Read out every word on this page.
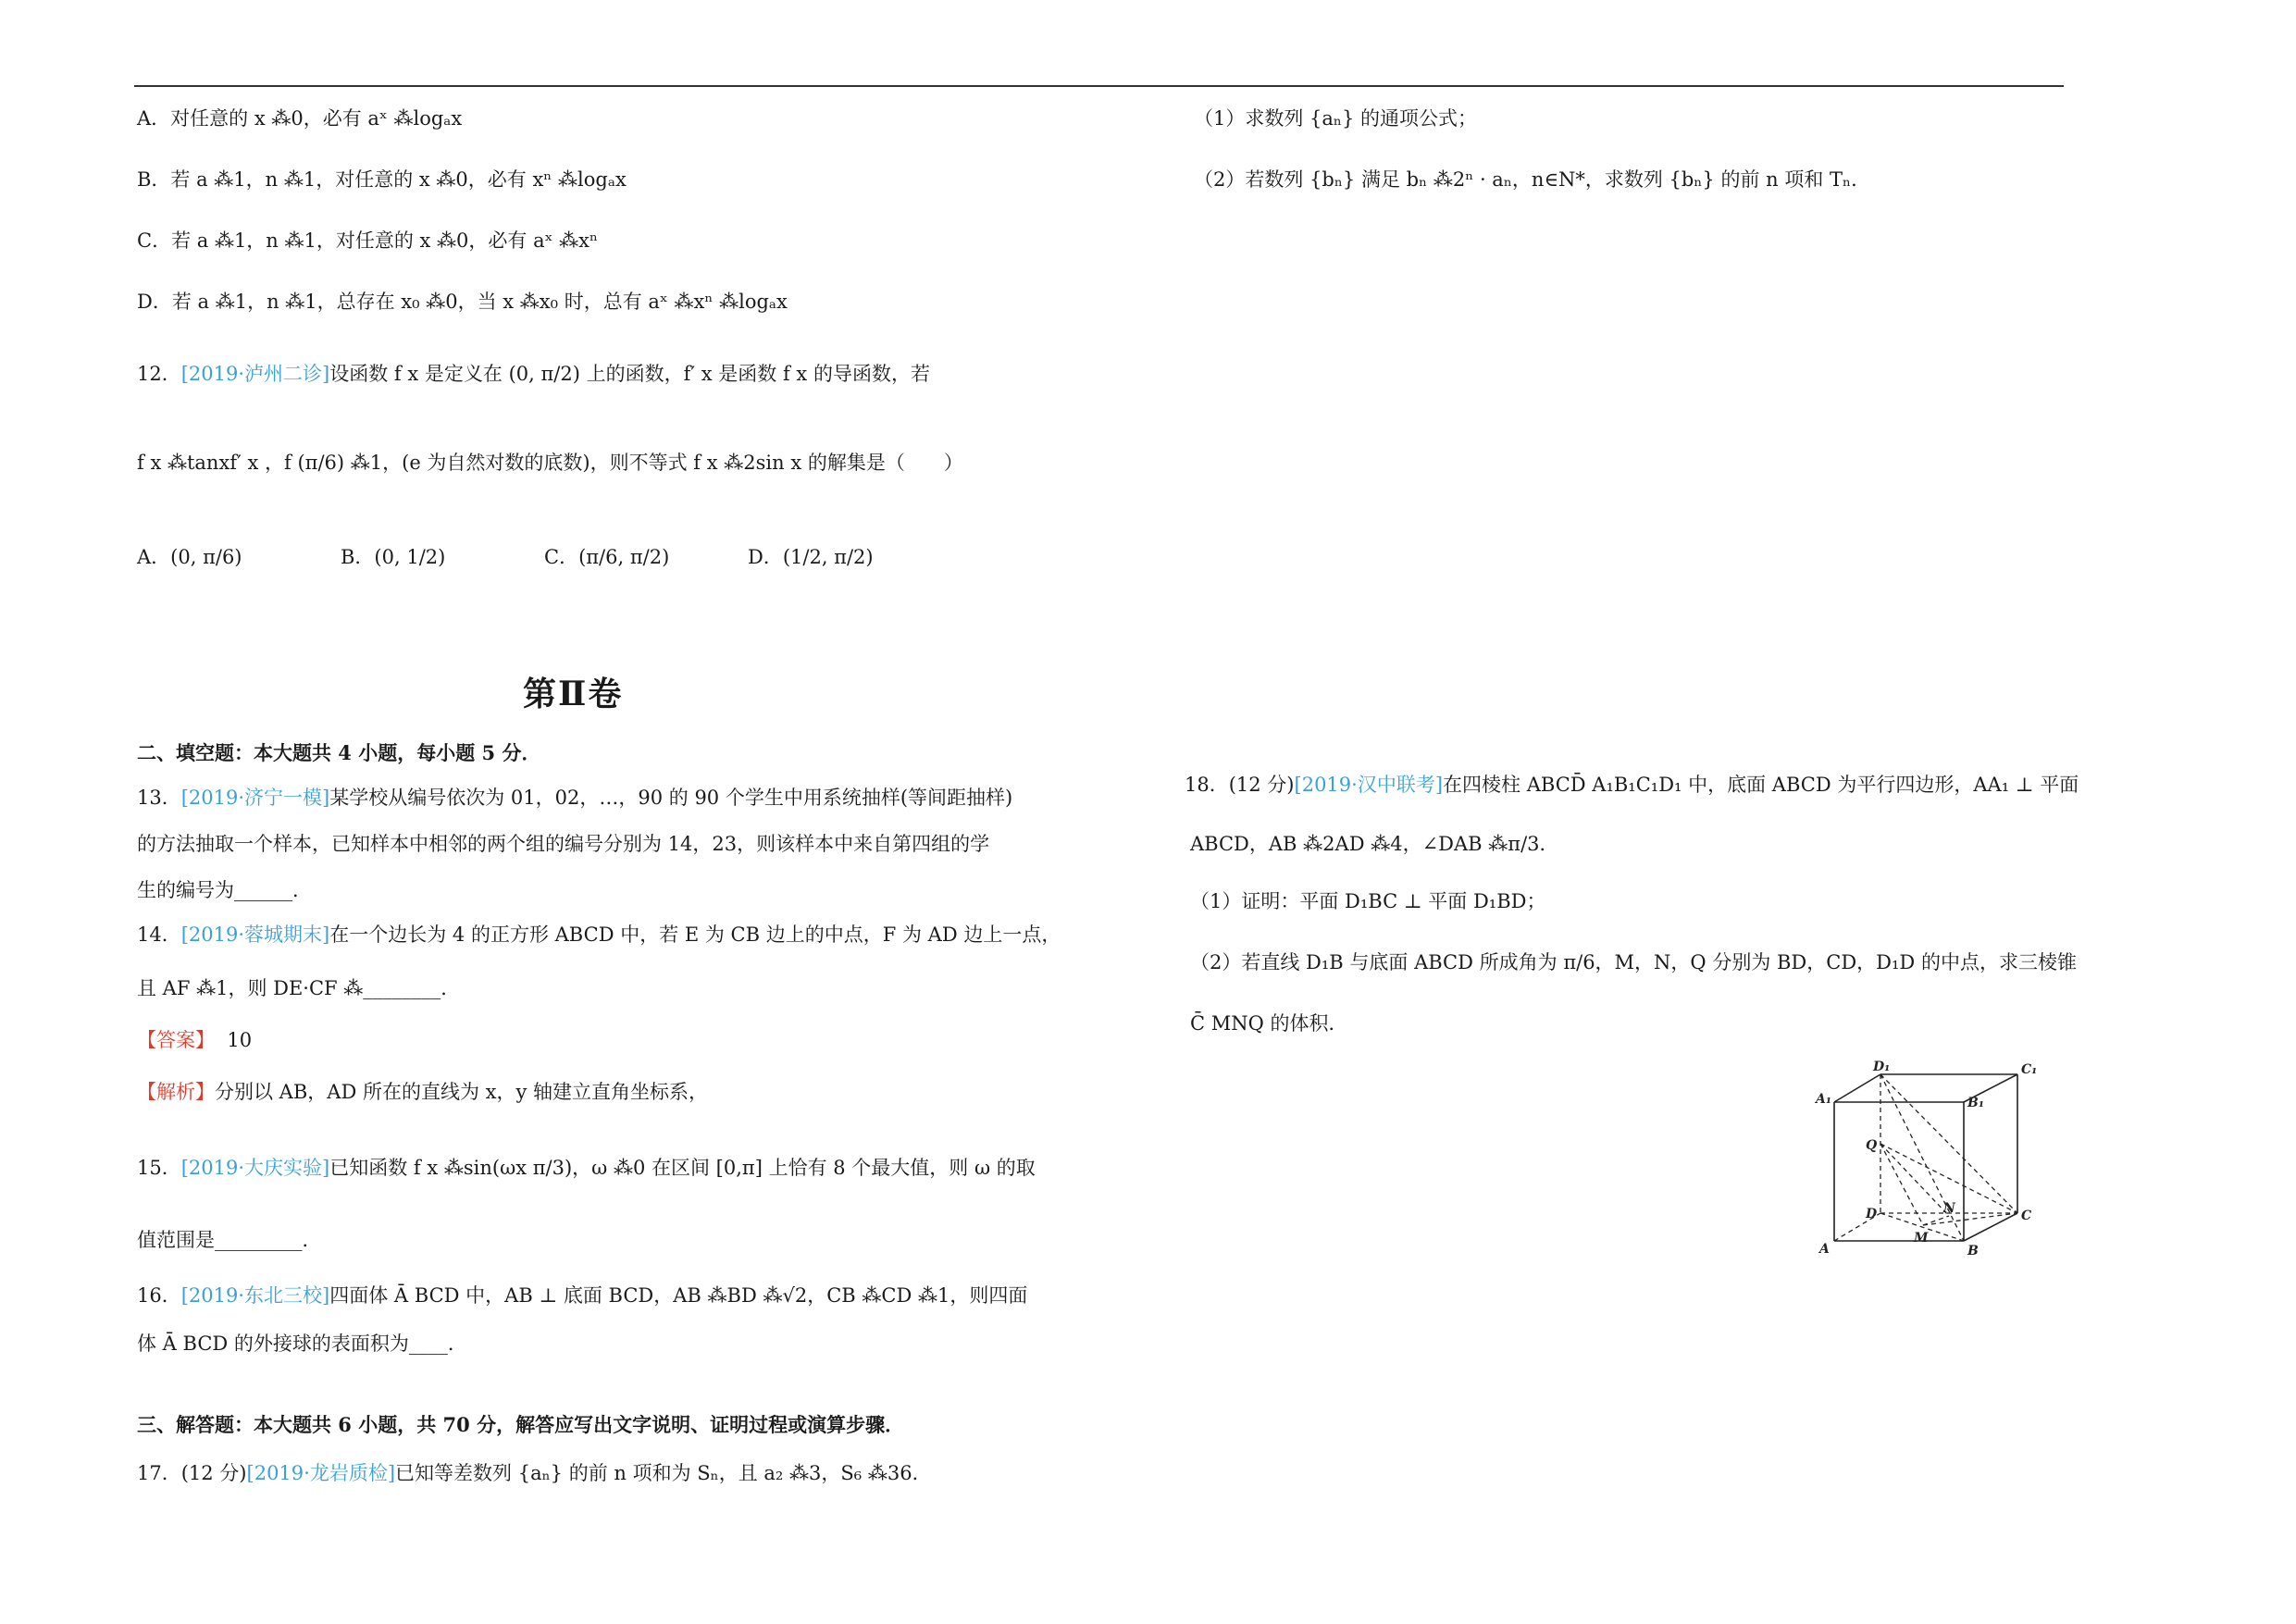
A．对任意的 x ⁂0，必有 aˣ ⁂logₐx
B．若 a ⁂1，n ⁂1，对任意的 x ⁂0，必有 xⁿ ⁂logₐx
C．若 a ⁂1，n ⁂1，对任意的 x ⁂0，必有 aˣ ⁂xⁿ
D．若 a ⁂1，n ⁂1，总存在 x₀ ⁂0，当 x ⁂x₀ 时，总有 aˣ ⁂xⁿ ⁂logₐx
12．[2019·泸州二诊]设函数 f x 是定义在 (0, π/2) 上的函数，f′ x 是函数 f x 的导函数，若
f x ⁂tanxf′ x ，f (π/6) ⁂1，(e 为自然对数的底数)，则不等式 f x ⁂2sin x 的解集是（　　）
A．(0, π/6)	B．(0, 1/2)	C．(π/6, π/2)	D．(1/2, π/2)
第Ⅱ卷
二、填空题：本大题共 4 小题，每小题 5 分．
13．[2019·济宁一模]某学校从编号依次为 01，02，…，90 的 90 个学生中用系统抽样(等间距抽样)
的方法抽取一个样本，已知样本中相邻的两个组的编号分别为 14，23，则该样本中来自第四组的学
生的编号为______．
14．[2019·蓉城期末]在一个边长为 4 的正方形 ABCD 中，若 E 为 CB 边上的中点，F 为 AD 边上一点，
且 AF ⁂1，则 DE·CF ⁂________．
【答案】 10
【解析】分别以 AB，AD 所在的直线为 x，y 轴建立直角坐标系，
15．[2019·大庆实验]已知函数 f x ⁂sin(ωx π/3)，ω ⁂0 在区间 [0,π] 上恰有 8 个最大值，则 ω 的取
值范围是_________．
16．[2019·东北三校]四面体 Ā BCD 中，AB ⊥ 底面 BCD，AB ⁂BD ⁂√2，CB ⁂CD ⁂1，则四面
体 Ā BCD 的外接球的表面积为____．
三、解答题：本大题共 6 小题，共 70 分，解答应写出文字说明、证明过程或演算步骤．
17．(12 分)[2019·龙岩质检]已知等差数列 {aₙ} 的前 n 项和为 Sₙ，且 a₂ ⁂3，S₆ ⁂36．
（1）求数列 {aₙ} 的通项公式；
（2）若数列 {bₙ} 满足 bₙ ⁂2ⁿ · aₙ，n∈N*，求数列 {bₙ} 的前 n 项和 Tₙ．
18．(12 分)[2019·汉中联考]在四棱柱 ABCD̄ A₁B₁C₁D₁ 中，底面 ABCD 为平行四边形，AA₁ ⊥ 平面
ABCD，AB ⁂2AD ⁂4，∠DAB ⁂π/3．
（1）证明：平面 D₁BC ⊥ 平面 D₁BD；
（2）若直线 D₁B 与底面 ABCD 所成角为 π/6，M，N，Q 分别为 BD，CD，D₁D 的中点，求三棱锥
C̄ MNQ 的体积．
D₁	C₁
A₁	B₁
Q
D	N	C
M
A	B
